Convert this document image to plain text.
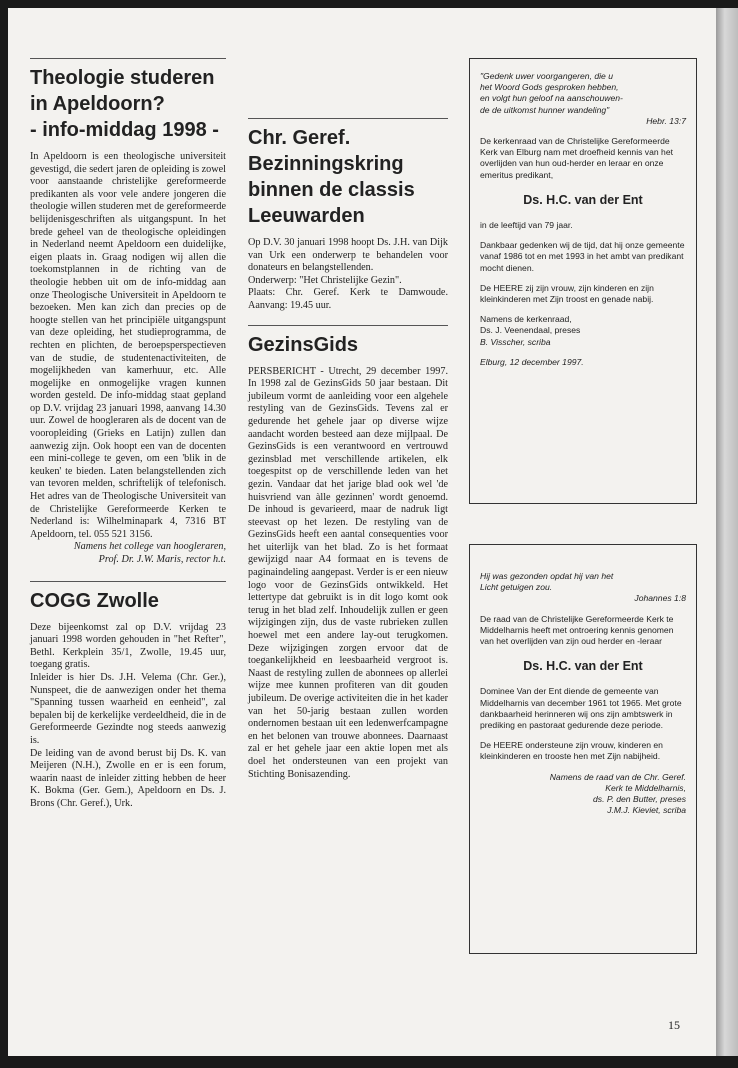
Theologie studeren
in Apeldoorn?
- info-middag 1998 -

In Apeldoorn is een theologische universiteit gevestigd, die sedert jaren de opleiding is zowel voor aanstaande christelijke gereformeerde predikanten als voor vele andere jongeren die theologie willen studeren met de gereformeerde belijdenisgeschriften als uitgangspunt. In het brede geheel van de theologische opleidingen in Nederland neemt Apeldoorn een duidelijke, eigen plaats in. Graag nodigen wij allen die toekomstplannen in de richting van de theologie hebben uit om de info-middag aan onze Theologische Universiteit in Apeldoorn te bezoeken. Men kan zich dan precies op de hoogte stellen van het principiële uitgangspunt van deze opleiding, het studieprogramma, de rechten en plichten, de beroepsperspectieven van de studie, de studentenactiviteiten, de mogelijkheden van kamerhuur, etc. Alle mogelijke en onmogelijke vragen kunnen worden gesteld. De info-middag staat gepland op D.V. vrijdag 23 januari 1998, aanvang 14.30 uur. Zowel de hoogleraren als de docent van de vooropleiding (Grieks en Latijn) zullen dan aanwezig zijn. Ook hoopt een van de docenten een mini-college te geven, om een 'blik in de keuken' te bieden. Laten belangstellenden zich van tevoren melden, schriftelijk of telefonisch. Het adres van de Theologische Universiteit van de Christelijke Gereformeerde Kerken te Nederland is: Wilhelminapark 4, 7316 BT Apeldoorn, tel. 055 521 3156.

Namens het college van hoogleraren,
Prof. Dr. J.W. Maris, rector h.t.

COGG Zwolle

Deze bijeenkomst zal op D.V. vrijdag 23 januari 1998 worden gehouden in "het Refter", Bethl. Kerkplein 35/1, Zwolle, 19.45 uur, toegang gratis.

Inleider is hier Ds. J.H. Velema (Chr. Ger.), Nunspeet, die de aanwezigen onder het thema "Spanning tussen waarheid en eenheid", zal bepalen bij de kerkelijke verdeeldheid, die in de Gereformeerde Gezindte nog steeds aanwezig is.

De leiding van de avond berust bij Ds. K. van Meijeren (N.H.), Zwolle en er is een forum, waarin naast de inleider zitting hebben de heer K. Bokma (Ger. Gem.), Apeldoorn en Ds. J. Brons (Chr. Geref.), Urk.

Chr. Geref.
Bezinningskring
binnen de classis
Leeuwarden

Op D.V. 30 januari 1998 hoopt Ds. J.H. van Dijk van Urk een onderwerp te behandelen voor donateurs en belangstellenden.

Onderwerp: "Het Christelijke Gezin".

Plaats: Chr. Geref. Kerk te Damwoude. Aanvang: 19.45 uur.

GezinsGids

PERSBERICHT - Utrecht, 29 december 1997. In 1998 zal de GezinsGids 50 jaar bestaan. Dit jubileum vormt de aanleiding voor een algehele restyling van de GezinsGids. Tevens zal er gedurende het gehele jaar op diverse wijze aandacht worden besteed aan deze mijlpaal. De GezinsGids is een verantwoord en vertrouwd gezinsblad met verschillende artikelen, elk toegespitst op de verschillende leden van het gezin. Vandaar dat het jarige blad ook wel 'de huisvriend van àlle gezinnen' wordt genoemd. De inhoud is gevarieerd, maar de nadruk ligt steevast op het lezen. De restyling van de GezinsGids heeft een aantal consequenties voor het uiterlijk van het blad. Zo is het formaat gewijzigd naar A4 formaat en is tevens de paginaindeling aangepast. Verder is er een nieuw logo voor de GezinsGids ontwikkeld. Het lettertype dat gebruikt is in dit logo komt ook terug in het blad zelf. Inhoudelijk zullen er geen wijzigingen zijn, dus de vaste rubrieken zullen hoewel met een andere lay-out terugkomen. Deze wijzigingen zorgen ervoor dat de toegankelijkheid en leesbaarheid vergroot is. Naast de restyling zullen de abonnees op allerlei wijze mee kunnen profiteren van dit gouden jubileum. De overige activiteiten die in het kader van het 50-jarig bestaan zullen worden ondernomen bestaan uit een ledenwerfcampagne en het belonen van trouwe abonnees. Daarnaast zal er het gehele jaar een aktie lopen met als doel het ondersteunen van een projekt van Stichting Bonisazending.

"Gedenk uwer voorgangeren, die u
het Woord Gods gesproken hebben,
en volgt hun geloof na aanschouwen-
de de uitkomst hunner wandeling"

Hebr. 13:7

De kerkenraad van de Christelijke Gereformeerde Kerk van Elburg nam met droefheid kennis van het overlijden van hun oud-herder en leraar en onze emeritus predikant,

Ds. H.C. van der Ent

in de leeftijd van 79 jaar.

Dankbaar gedenken wij de tijd, dat hij onze gemeente vanaf 1986 tot en met 1993 in het ambt van predikant mocht dienen.

De HEERE zij zijn vrouw, zijn kinderen en zijn kleinkinderen met Zijn troost en genade nabij.

Namens de kerkenraad,
Ds. J. Veenendaal, preses
B. Visscher, scriba

Elburg, 12 december 1997.

Hij was gezonden opdat hij van het
Licht getuigen zou.

Johannes 1:8

De raad van de Christelijke Gereformeerde Kerk te Middelharnis heeft met ontroering kennis genomen van het overlijden van zijn oud herder en -leraar

Ds. H.C. van der Ent

Dominee Van der Ent diende de gemeente van Middelharnis van december 1961 tot 1965. Met grote dankbaarheid herinneren wij ons zijn ambtswerk in prediking en pastoraat gedurende deze periode.

De HEERE ondersteune zijn vrouw, kinderen en kleinkinderen en trooste hen met Zijn nabijheid.

Namens de raad van de Chr. Geref.
Kerk te Middelharnis,
ds. P. den Butter, preses
J.M.J. Kieviet, scriba

15
